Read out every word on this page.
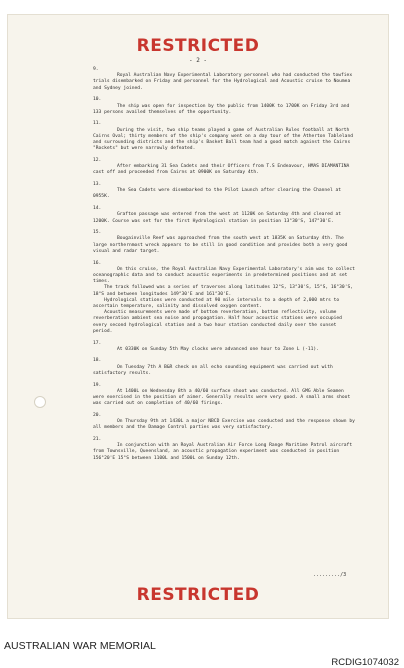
RESTRICTED
- 2 -
9.
Royal Australian Navy Experimental Laboratory personnel who had conducted the towfiex trials disembarked on Friday and personnel for the Hydrological and Acoustic cruise to Noumea and Sydney joined.
10.
The ship was open for inspection by the public from 1400K to 1700K on Friday 3rd and 133 persons availed themselves of the opportunity.
11.
During the visit, two ship teams played a game of Australian Rules football at North Cairns Oval; thirty members of the ship's company went on a day tour of the Atherton Tableland and surrounding districts and the ship's Basket Ball team had a good match against the Cairns "Rockets" but were narrowly defeated.
12.
After embarking 31 Sea Cadets and their Officers from T.S Endeavour, HMAS DIAMANTINA cast off and proceeded from Cairns at 0900K on Saturday 4th.
13.
The Sea Cadets were disembarked to the Pilot Launch after clearing the Channel at 0955K.
14.
Grafton passage was entered from the west at 1120K on Saturday 4th and cleared at 1200K. Course was set for the first Hydrological station in position 13°30'S, 147°30'E.
15.
Bougainville Reef was approached from the south west at 1835K on Saturday 4th. The large northernmost wreck appears to be still in good condition and provides both a very good visual and radar target.
16.
On this cruise, the Royal Australian Navy Experimental Laboratory's aim was to collect oceanographic data and to conduct acoustic experiments in predetermined positions and at set times.
The track followed was a series of traverses along latitudes 12°S, 13°30'S, 15°S, 16°30'S, 18°S and between longitudes 149°30'E and 161°30'E.
Hydrological stations were conducted at 90 mile intervals to a depth of 2,000 mtrs to ascertain temperature, salinity and dissolved oxygen content.
Acoustic measurements were made of bottom reverberation, bottom reflectivity, volume reverberation ambient sea noise and propagation. Half hour acoustic stations were occupied every second hydrological station and a two hour station conducted daily over the sunset period.
17.
At 0330K on Sunday 5th May clocks were advanced one hour to Zone L (-11).
18.
On Tuesday 7th A B&R check on all echo sounding equipment was carried out with satisfactory results.
19.
At 1400L on Wednesday 8th a 40/60 surface shoot was conducted. All GMG Able Seamen were exercised in the position of aimer. Generally results were very good. A small arms shoot was carried out on completion of 40/60 firings.
20.
On Thursday 9th at 1430L a major NBCD Exercise was conducted and the response shown by all members and the Damage Control parties was very satisfactory.
21.
In conjunction with an Royal Australian Air Force Long Range Maritime Patrol aircraft from Townsville, Queensland, an acoustic propagation experiment was conducted in position 156°20'E 15°S between 1100L and 1500L on Sunday 12th.
........./3
RESTRICTED
AUSTRALIAN WAR MEMORIAL
RCDIG1074032
